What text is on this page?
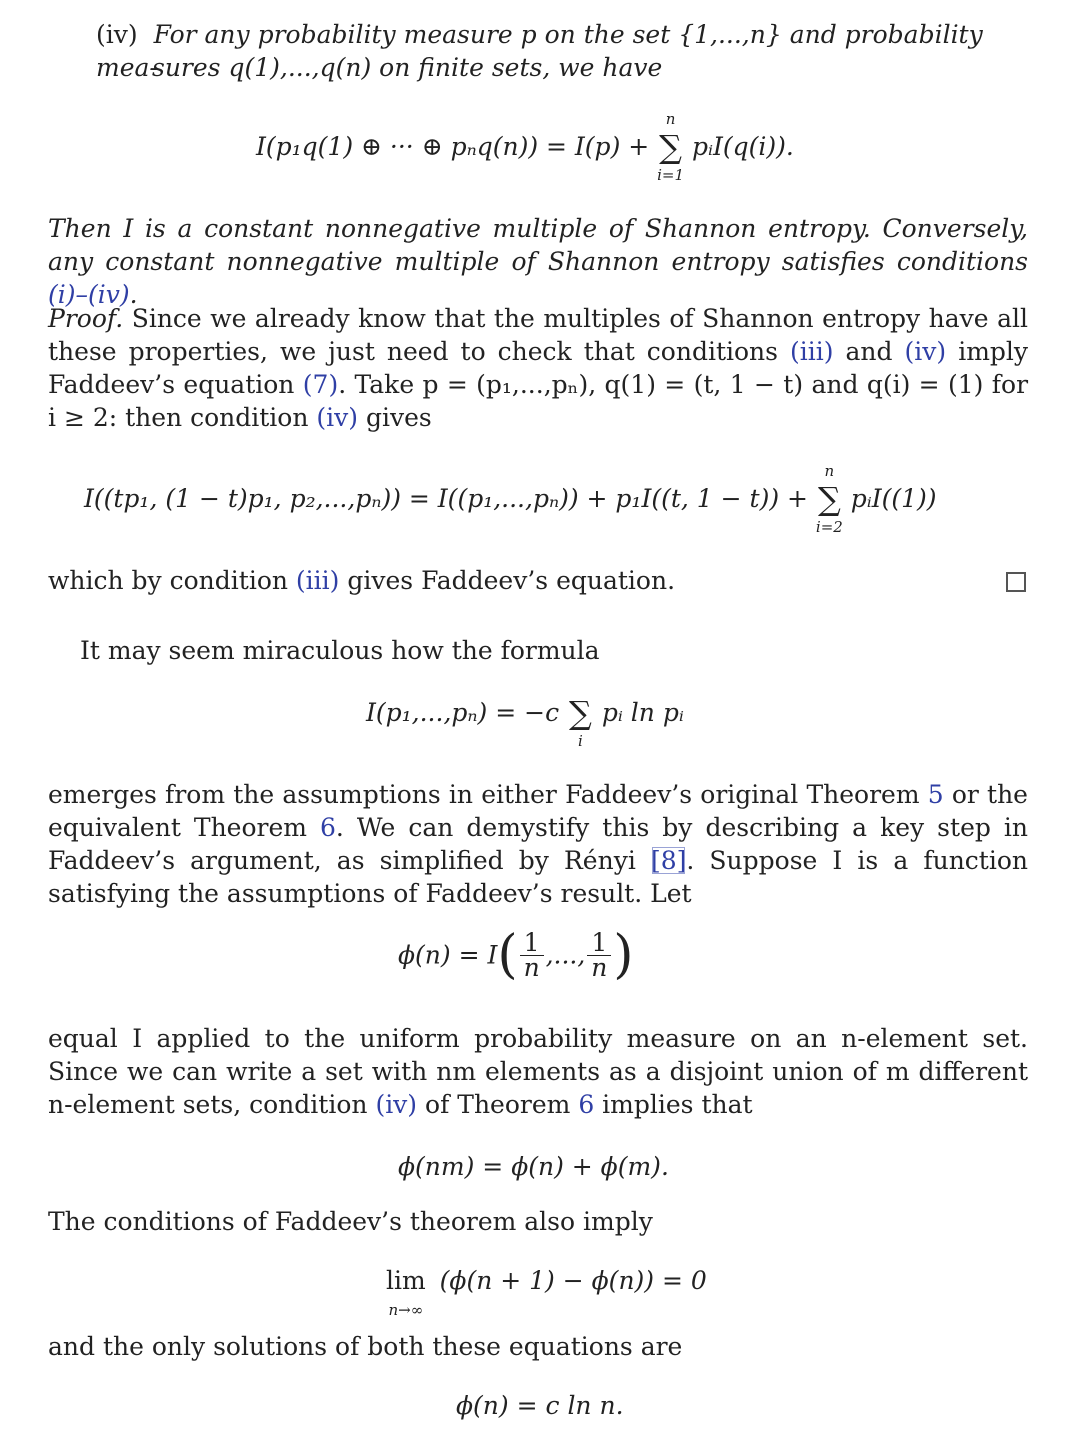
(iv) For any probability measure p on the set {1,...,n} and probability mea-
sures q(1),...,q(n) on finite sets, we have
I(p₁q(1) ⊕ ··· ⊕ pₙq(n)) = I(p) +
n
∑
i=1
pᵢI(q(i)).

Then I is a constant nonnegative multiple of Shannon entropy. Conversely, any constant nonnegative multiple of Shannon entropy satisfies conditions (i)–(iv).

Proof. Since we already know that the multiples of Shannon entropy have all these properties, we just need to check that conditions (iii) and (iv) imply Faddeev’s equation (7). Take p = (p₁,...,pₙ), q(1) = (t, 1 − t) and q(i) = (1) for i ≥ 2: then condition (iv) gives

I((tp₁, (1 − t)p₁, p₂,...,pₙ)) = I((p₁,...,pₙ)) + p₁I((t, 1 − t)) +
n
∑
i=2
pᵢI((1))

which by condition (iii) gives Faddeev’s equation.

It may seem miraculous how the formula

I(p₁,...,pₙ) = −c ∑
i
pᵢ ln pᵢ

emerges from the assumptions in either Faddeev’s original Theorem 5 or the equivalent Theorem 6. We can demystify this by describing a key step in Faddeev’s argument, as simplified by Rényi [8]. Suppose I is a function satisfying the assumptions of Faddeev’s result. Let

$\phi(n) = I( \frac{1}{n}$ ,..., $\frac{1}{n}$ )

equal I applied to the uniform probability measure on an n-element set. Since we can write a set with nm elements as a disjoint union of m different n-element sets, condition (iv) of Theorem 6 implies that

ϕ(nm) = ϕ(n) + ϕ(m).

The conditions of Faddeev’s theorem also imply

lim
n→∞
(ϕ(n + 1) − ϕ(n)) = 0

and the only solutions of both these equations are

ϕ(n) = c ln n.
